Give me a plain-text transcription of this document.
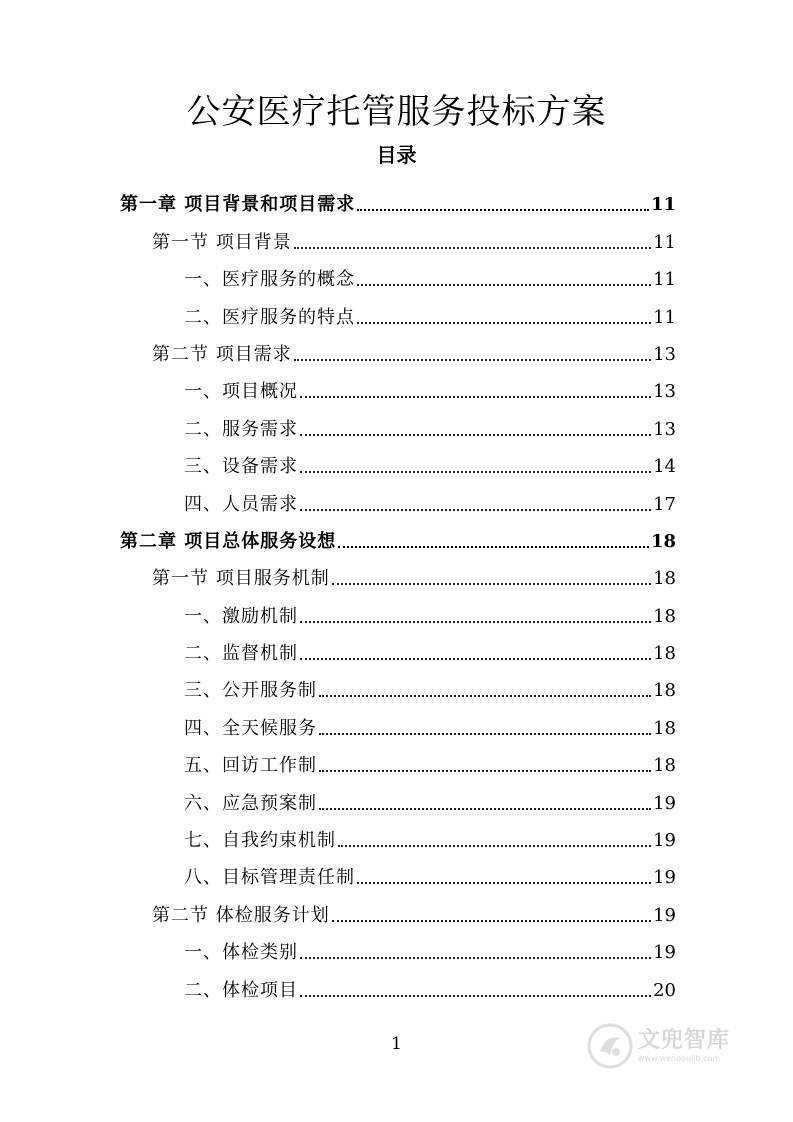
公安医疗托管服务投标方案
目录
第一章 项目背景和项目需求	11
第一节 项目背景	11
一、医疗服务的概念	11
二、医疗服务的特点	11
第二节 项目需求	13
一、项目概况	13
二、服务需求	13
三、设备需求	14
四、人员需求	17
第二章 项目总体服务设想	18
第一节 项目服务机制	18
一、激励机制	18
二、监督机制	18
三、公开服务制	18
四、全天候服务	18
五、回访工作制	18
六、应急预案制	19
七、自我约束机制	19
八、目标管理责任制	19
第二节 体检服务计划	19
一、体检类别	19
二、体检项目	20
1	文兜智库
www.wendoulib.com
